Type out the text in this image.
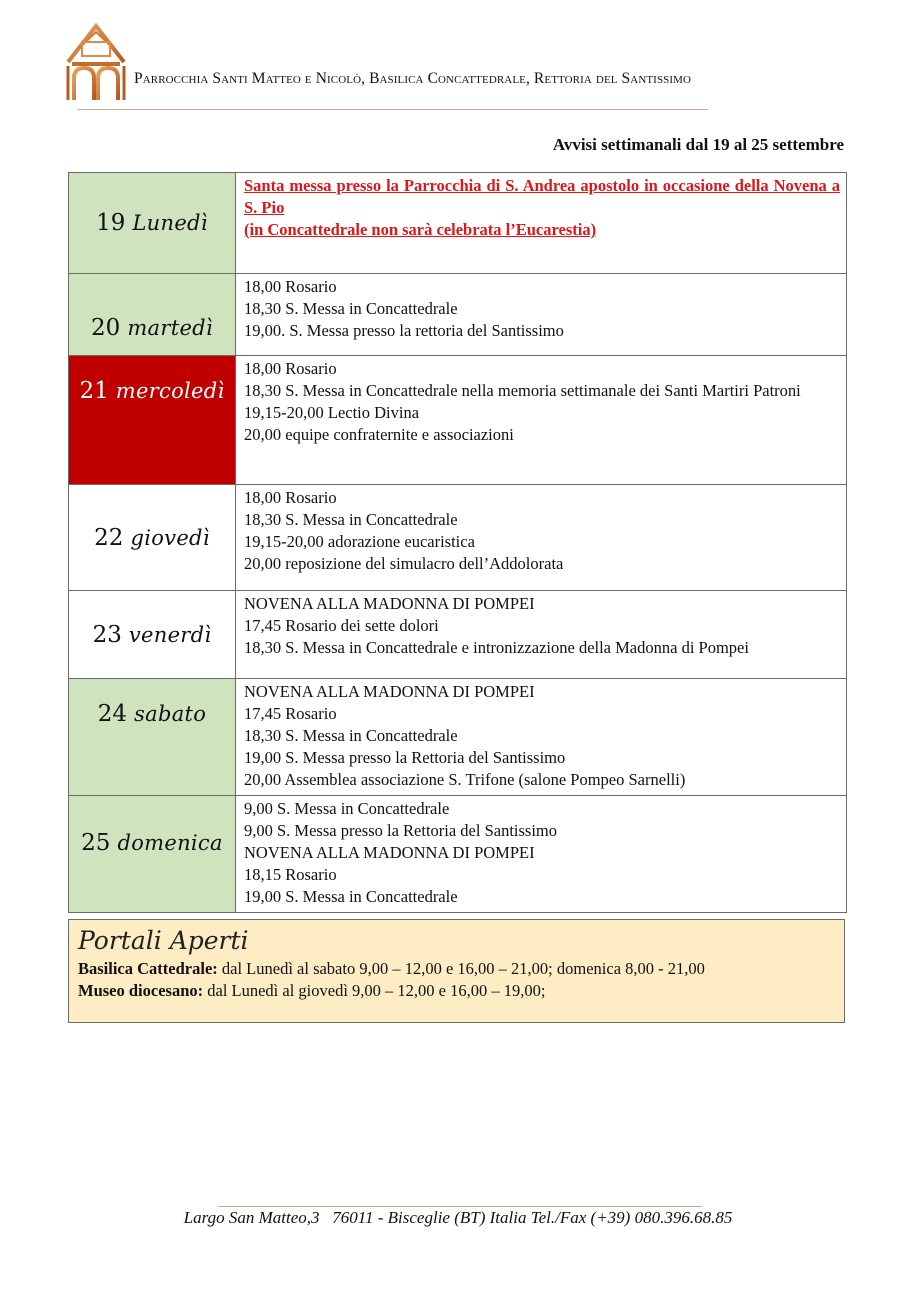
Parrocchia Santi Matteo e Nicolò, Basilica Concattedrale, Rettoria del Santissimo
Avvisi settimanali dal 19 al 25 settembre
19 Lunedì	Santa messa presso la Parrocchia di S. Andrea apostolo in occasione della Novena a S. Pio
(in Concattedrale non sarà celebrata l’Eucarestia)

20 martedì	18,00 Rosario
18,30 S. Messa in Concattedrale
19,00. S. Messa presso la rettoria del Santissimo

21 mercoledì	18,00 Rosario
18,30 S. Messa in Concattedrale nella memoria settimanale dei Santi Martiri Patroni
19,15-20,00 Lectio Divina
20,00 equipe confraternite e associazioni

22 giovedì	18,00 Rosario
18,30 S. Messa in Concattedrale
19,15-20,00 adorazione eucaristica
20,00 reposizione del simulacro dell’Addolorata

23 venerdì	NOVENA ALLA MADONNA DI POMPEI
17,45 Rosario dei sette dolori
18,30 S. Messa in Concattedrale e intronizzazione della Madonna di Pompei

24 sabato	NOVENA ALLA MADONNA DI POMPEI
17,45 Rosario
18,30 S. Messa in Concattedrale
19,00 S. Messa presso la Rettoria del Santissimo
20,00 Assemblea associazione S. Trifone (salone Pompeo Sarnelli)

25 domenica	9,00 S. Messa in Concattedrale
9,00 S. Messa presso la Rettoria del Santissimo
NOVENA ALLA MADONNA DI POMPEI
18,15 Rosario
19,00 S. Messa in Concattedrale
Portali Aperti
Basilica Cattedrale: dal Lunedì al sabato 9,00 – 12,00 e 16,00 – 21,00; domenica 8,00 - 21,00
Museo diocesano: dal Lunedì al giovedì 9,00 – 12,00 e 16,00 – 19,00;
Largo San Matteo,3   76011 - Bisceglie (BT) Italia Tel./Fax (+39) 080.396.68.85
